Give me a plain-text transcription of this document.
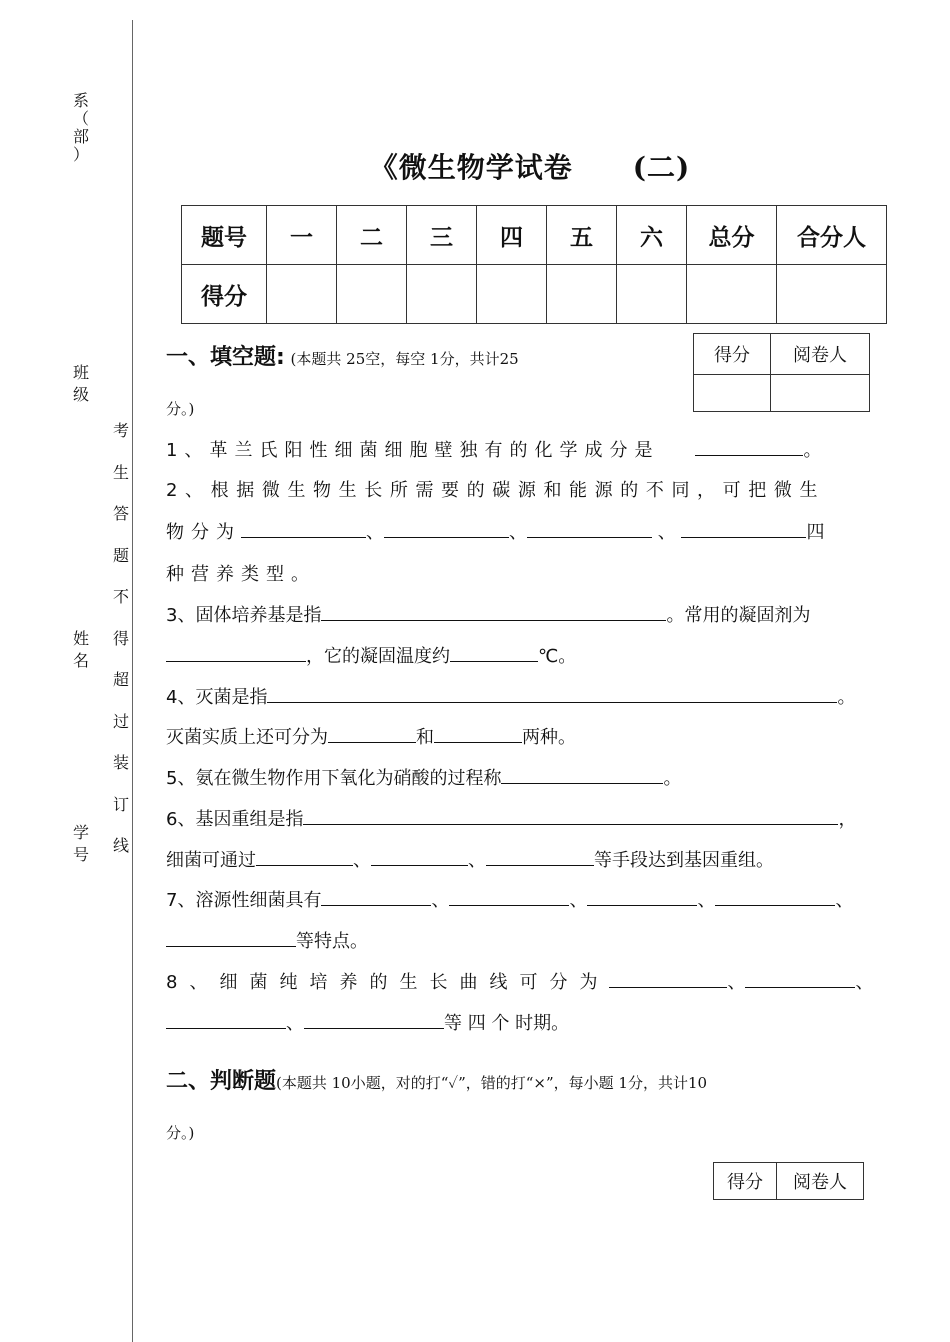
系
（
部
）
班
级
姓
名
学
号
考
生
答
题
不
得
超
过
装
订
线
《微生物学试卷 (二)
题号	一	二	三	四	五	六	总分	合分人
得分								
得分	阅卷人

一、填空题: (本题共 25空，每空 1分，共计25
分。)
1、革兰氏阳性细菌细胞壁独有的化学成分是	。
2、根据微生物生长所需要的碳源和能源的不同，可把微生
物分为	、	、	、	四
种营养类型。
3、固体培养基是指	。常用的凝固剂为
，它的凝固温度约	℃。
4、灭菌是指	。
灭菌实质上还可分为	和	两种。
5、氨在微生物作用下氧化为硝酸的过程称	。
6、基因重组是指	，
细菌可通过	、	、	等手段达到基因重组。
7、溶源性细菌具有	、	、	、	、
等特点。
8、细菌纯培养的生长曲线可分为	、	、
、	等 四 个 时期。
二、判断题(本题共 10小题，对的打“✓”，错的打“×”，每小题 1分，共计10
分。)
得分	阅卷人
